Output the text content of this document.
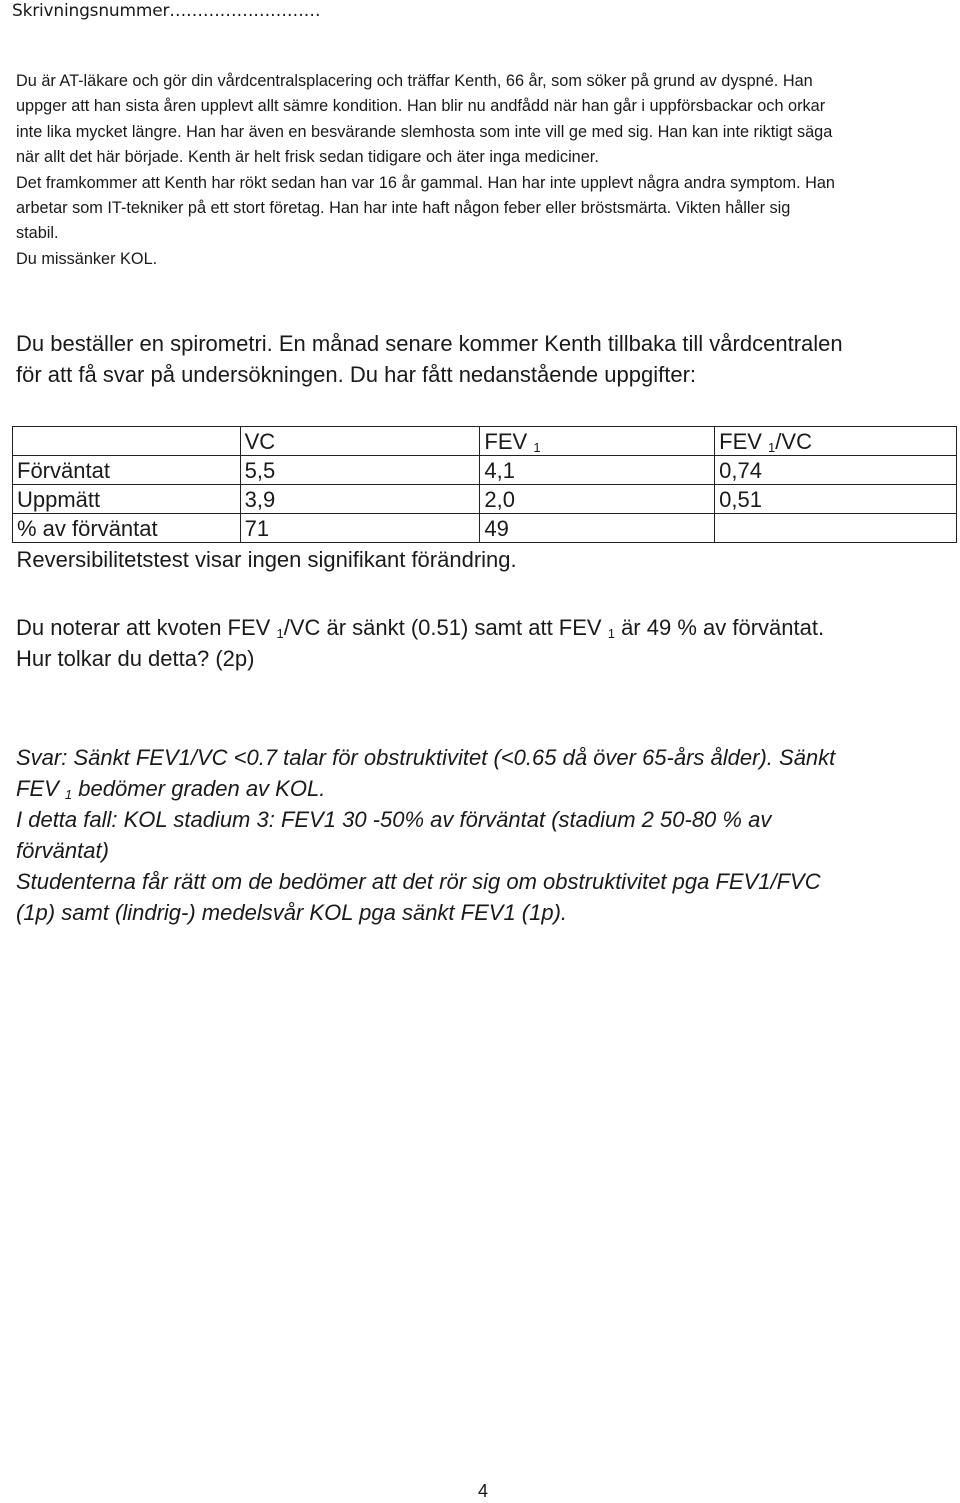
Skrivningsnummer………………………

Du är AT-läkare och gör din vårdcentralsplacering och träffar Kenth, 66 år, som söker på grund av dyspné. Han

uppger att han sista åren upplevt allt sämre kondition. Han blir nu andfådd när han går i uppförsbackar och orkar

inte lika mycket längre. Han har även en besvärande slemhosta som inte vill ge med sig. Han kan inte riktigt säga

när allt det här började. Kenth är helt frisk sedan tidigare och äter inga mediciner.

Det framkommer att Kenth har rökt sedan han var 16 år gammal. Han har inte upplevt några andra symptom. Han

arbetar som IT-tekniker på ett stort företag. Han har inte haft någon feber eller bröstsmärta. Vikten håller sig

stabil.

Du missänker KOL.

Du beställer en spirometri. En månad senare kommer Kenth tillbaka till vårdcentralen
för att få svar på undersökningen. Du har fått nedanstående uppgifter:
	VC	FEV $_1$	FEV $_1$/VC
Förväntat	5,5	4,1	0,74
Uppmätt	3,9	2,0	0,51
% av förväntat	71	49	
Reversibilitetstest visar ingen signifikant förändring.			
Du noterar att kvoten FEV $_1$/VC är sänkt (0.51) samt att FEV $_1$ är 49 % av förväntat.
Hur tolkar du detta? (2p)

Svar: Sänkt FEV1/VC <0.7 talar för obstruktivitet (<0.65 då över 65-års ålder). Sänkt

FEV $_1$ bedömer graden av KOL.

I detta fall: KOL stadium 3: FEV1 30 -50% av förväntat (stadium 2 50-80 % av

förväntat)

Studenterna får rätt om de bedömer att det rör sig om obstruktivitet pga FEV1/FVC

(1p) samt (lindrig-) medelsvår KOL pga sänkt FEV1 (1p).

4
